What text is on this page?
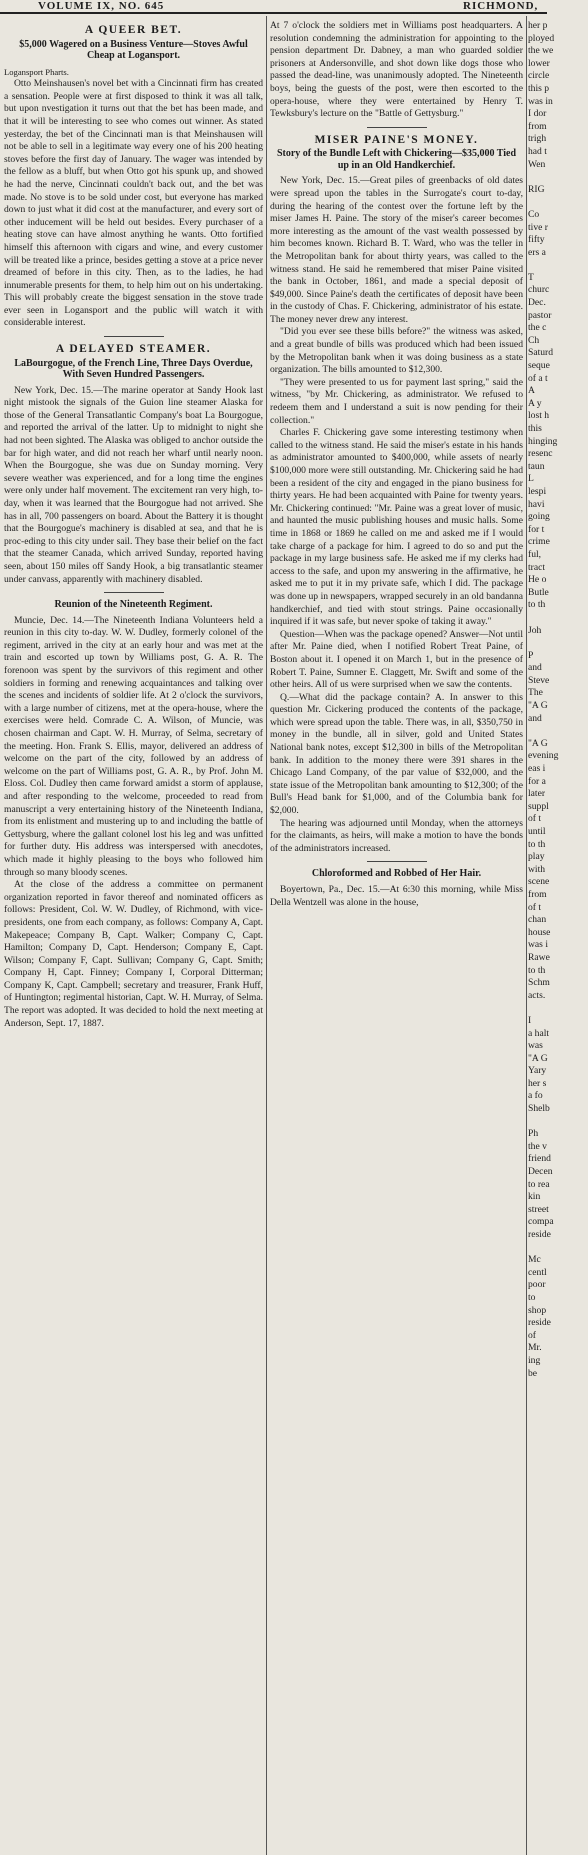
VOLUME IX, NO. 645	RICHMOND,
A QUEER BET.
$5,000 Wagered on a Business Venture—Stoves Awful Cheap at Logansport.

Logansport Pharts.

Otto Meinshausen's novel bet with a Cincinnati firm has created a sensation. People were at first disposed to think it was all talk, but upon nvestigation it turns out that the bet has been made, and that it will be interesting to see who comes out winner. As stated yesterday, the bet of the Cincinnati man is that Meinshausen will not be able to sell in a legitimate way every one of his 200 heating stoves before the first day of January. The wager was intended by the fellow as a bluff, but when Otto got his spunk up, and showed he had the nerve, Cincinnati couldn't back out, and the bet was made. No stove is to be sold under cost, but everyone has marked down to just what it did cost at the manufacturer, and every sort of other inducement will be held out besides. Every purchaser of a heating stove can have almost anything he wants. Otto fortified himself this afternoon with cigars and wine, and every customer will be treated like a prince, besides getting a stove at a price never dreamed of before in this city. Then, as to the ladies, he had innumerable presents for them, to help him out on his undertaking. This will probably create the biggest sensation in the stove trade ever seen in Logansport and the public will watch it with considerable interest.

A DELAYED STEAMER.
LaBourgogue, of the French Line, Three Days Overdue, With Seven Hundred Passengers.

New York, Dec. 15.—The marine operator at Sandy Hook last night mistook the signals of the Guion line steamer Alaska for those of the General Transatlantic Company's boat La Bourgogue, and reported the arrival of the latter. Up to midnight to night she had not been sighted. The Alaska was obliged to anchor outside the bar for high water, and did not reach her wharf until nearly noon. When the Bourgogue, she was due on Sunday morning. Very severe weather was experienced, and for a long time the engines were only under half movement. The excitement ran very high, to-day, when it was learned that the Bourgogue had not arrived. She has in all, 700 passengers on board. About the Battery it is thought that the Bourgogue's machinery is disabled at sea, and that he is proc-eding to this city under sail. They base their belief on the fact that the steamer Canada, which arrived Sunday, reported having seen, about 150 miles off Sandy Hook, a big transatlantic steamer under canvass, apparently with machinery disabled.

Reunion of the Nineteenth Regiment.

Muncie, Dec. 14.—The Nineteenth Indiana Volunteers held a reunion in this city to-day. W. W. Dudley, formerly colonel of the regiment, arrived in the city at an early hour and was met at the train and escorted up town by Williams post, G. A. R. The forenoon was spent by the survivors of this regiment and other soldiers in forming and renewing acquaintances and talking over the scenes and incidents of soldier life. At 2 o'clock the survivors, with a large number of citizens, met at the opera-house, where the exercises were held. Comrade C. A. Wilson, of Muncie, was chosen chairman and Capt. W. H. Murray, of Selma, secretary of the meeting. Hon. Frank S. Ellis, mayor, delivered an address of welcome on the part of the city, followed by an address of welcome on the part of Williams post, G. A. R., by Prof. John M. Eloss. Col. Dudley then came forward amidst a storm of applause, and after responding to the welcome, proceeded to read from manuscript a very entertaining history of the Nineteenth Indiana, from its enlistment and mustering up to and including the battle of Gettysburg, where the gallant colonel lost his leg and was unfitted for further duty. His address was interspersed with anecdotes, which made it highly pleasing to the boys who followed him through so many bloody scenes.

At the close of the address a committee on permanent organization reported in favor thereof and nominated officers as follows: President, Col. W. W. Dudley, of Richmond, with vice-presidents, one from each company, as follows: Company A, Capt. Makepeace; Company B, Capt. Walker; Company C, Capt. Hamilton; Company D, Capt. Henderson; Company E, Capt. Wilson; Company F, Capt. Sullivan; Company G, Capt. Smith; Company H, Capt. Finney; Company I, Corporal Ditterman; Company K, Capt. Campbell; secretary and treasurer, Frank Huff, of Huntington; regimental historian, Capt. W. H. Murray, of Selma. The report was adopted. It was decided to hold the next meeting at Anderson, Sept. 17, 1887.

At 7 o'clock the soldiers met in Williams post headquarters. A resolution condemning the administration for appointing to the pension department Dr. Dabney, a man who guarded soldier prisoners at Andersonville, and shot down like dogs those who passed the dead-line, was unanimously adopted. The Nineteenth boys, being the guests of the post, were then escorted to the opera-house, where they were entertained by Henry T. Tewksbury's lecture on the "Battle of Gettysburg."

MISER PAINE'S MONEY.
Story of the Bundle Left with Chickering—$35,000 Tied up in an Old Handkerchief.

New York, Dec. 15.—Great piles of greenbacks of old dates were spread upon the tables in the Surrogate's court to-day, during the hearing of the contest over the fortune left by the miser James H. Paine. The story of the miser's career becomes more interesting as the amount of the vast wealth possessed by him becomes known. Richard B. T. Ward, who was the teller in the Metropolitan bank for about thirty years, was called to the witness stand. He said he remembered that miser Paine visited the bank in October, 1861, and made a special deposit of $49,000. Since Paine's death the certificates of deposit have been in the custody of Chas. F. Chickering, administrator of his estate. The money never drew any interest.

"Did you ever see these bills before?" the witness was asked, and a great bundle of bills was produced which had been issued by the Metropolitan bank when it was doing business as a state organization. The bills amounted to $12,300.

"They were presented to us for payment last spring," said the witness, "by Mr. Chickering, as administrator. We refused to redeem them and I understand a suit is now pending for their collection."

Charles F. Chickering gave some interesting testimony when called to the witness stand. He said the miser's estate in his hands as administrator amounted to $400,000, while assets of nearly $100,000 more were still outstanding. Mr. Chickering said he had been a resident of the city and engaged in the piano business for thirty years. He had been acquainted with Paine for twenty years. Mr. Chickering continued: "Mr. Paine was a great lover of music, and haunted the music publishing houses and music halls. Some time in 1868 or 1869 he called on me and asked me if I would take charge of a package for him. I agreed to do so and put the package in my large business safe. He asked me if my clerks had access to the safe, and upon my answering in the affirmative, he asked me to put it in my private safe, which I did. The package was done up in newspapers, wrapped securely in an old bandanna handkerchief, and tied with stout strings. Paine occasionally inquired if it was safe, but never spoke of taking it away."

Question—When was the package opened? Answer—Not until after Mr. Paine died, when I notified Robert Treat Paine, of Boston about it. I opened it on March 1, but in the presence of Robert T. Paine, Sumner E. Claggett, Mr. Swift and some of the other heirs. All of us were surprised when we saw the contents.

Q.—What did the package contain? A. In answer to this question Mr. Cickering produced the contents of the package, which were spread upon the table. There was, in all, $350,750 in money in the bundle, all in silver, gold and United States National bank notes, except $12,300 in bills of the Metropolitan bank. In addition to the money there were 391 shares in the Chicago Land Company, of the par value of $32,000, and the state issue of the Metropolitan bank amounting to $12,300; of the Bull's Head bank for $1,000, and of the Columbia bank for $2,000.

The hearing was adjourned until Monday, when the attorneys for the claimants, as heirs, will make a motion to have the bonds of the administrators increased.

Chloroformed and Robbed of Her Hair.

Boyertown, Pa., Dec. 15.—At 6:30 this morning, while Miss Della Wentzell was alone in the house,

her p

ployed

the we

lower

circle

this p

was in

I dor

from

trigh

had t

Wen

RIG

Co

tive r

fifty

ers a

T

churc

Dec.

pastor

the c

Ch

Saturd

seque

of a t

A

A y

lost h

this

hinging

resenc

taun

L

lespi

havi

going

for t

crime

ful,

tract

He o

Butle

to th

Joh

P

and

Steve

The

"A G

and

"A G

evening

eas i

for a

later

suppl

of t

until

to th

play

with

scene

from

of t

chan

house

was i

Rawe

to th

Schm

acts.

I

a halt

was

"A G

Yary

her s

a fo

Shelb

Ph

the v

friend

Decen

to rea

kin

street

compa

reside

Mc

centl

poor

to

shop

reside

of

Mr.

ing

be
